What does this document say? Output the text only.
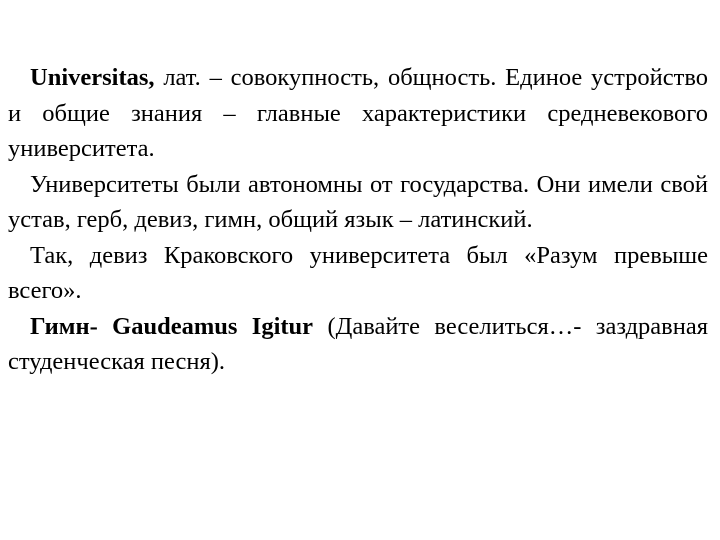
Universitas, лат. – совокупность, общность. Единое устройство и общие знания – главные характеристики средневекового университета.

Университеты были автономны от государства. Они имели свой устав, герб, девиз, гимн, общий язык – латинский.

Так, девиз Краковского университета был «Разум превыше всего».

Гимн- Gaudeamus Igitur (Давайте веселиться…- заздравная студенческая песня).
